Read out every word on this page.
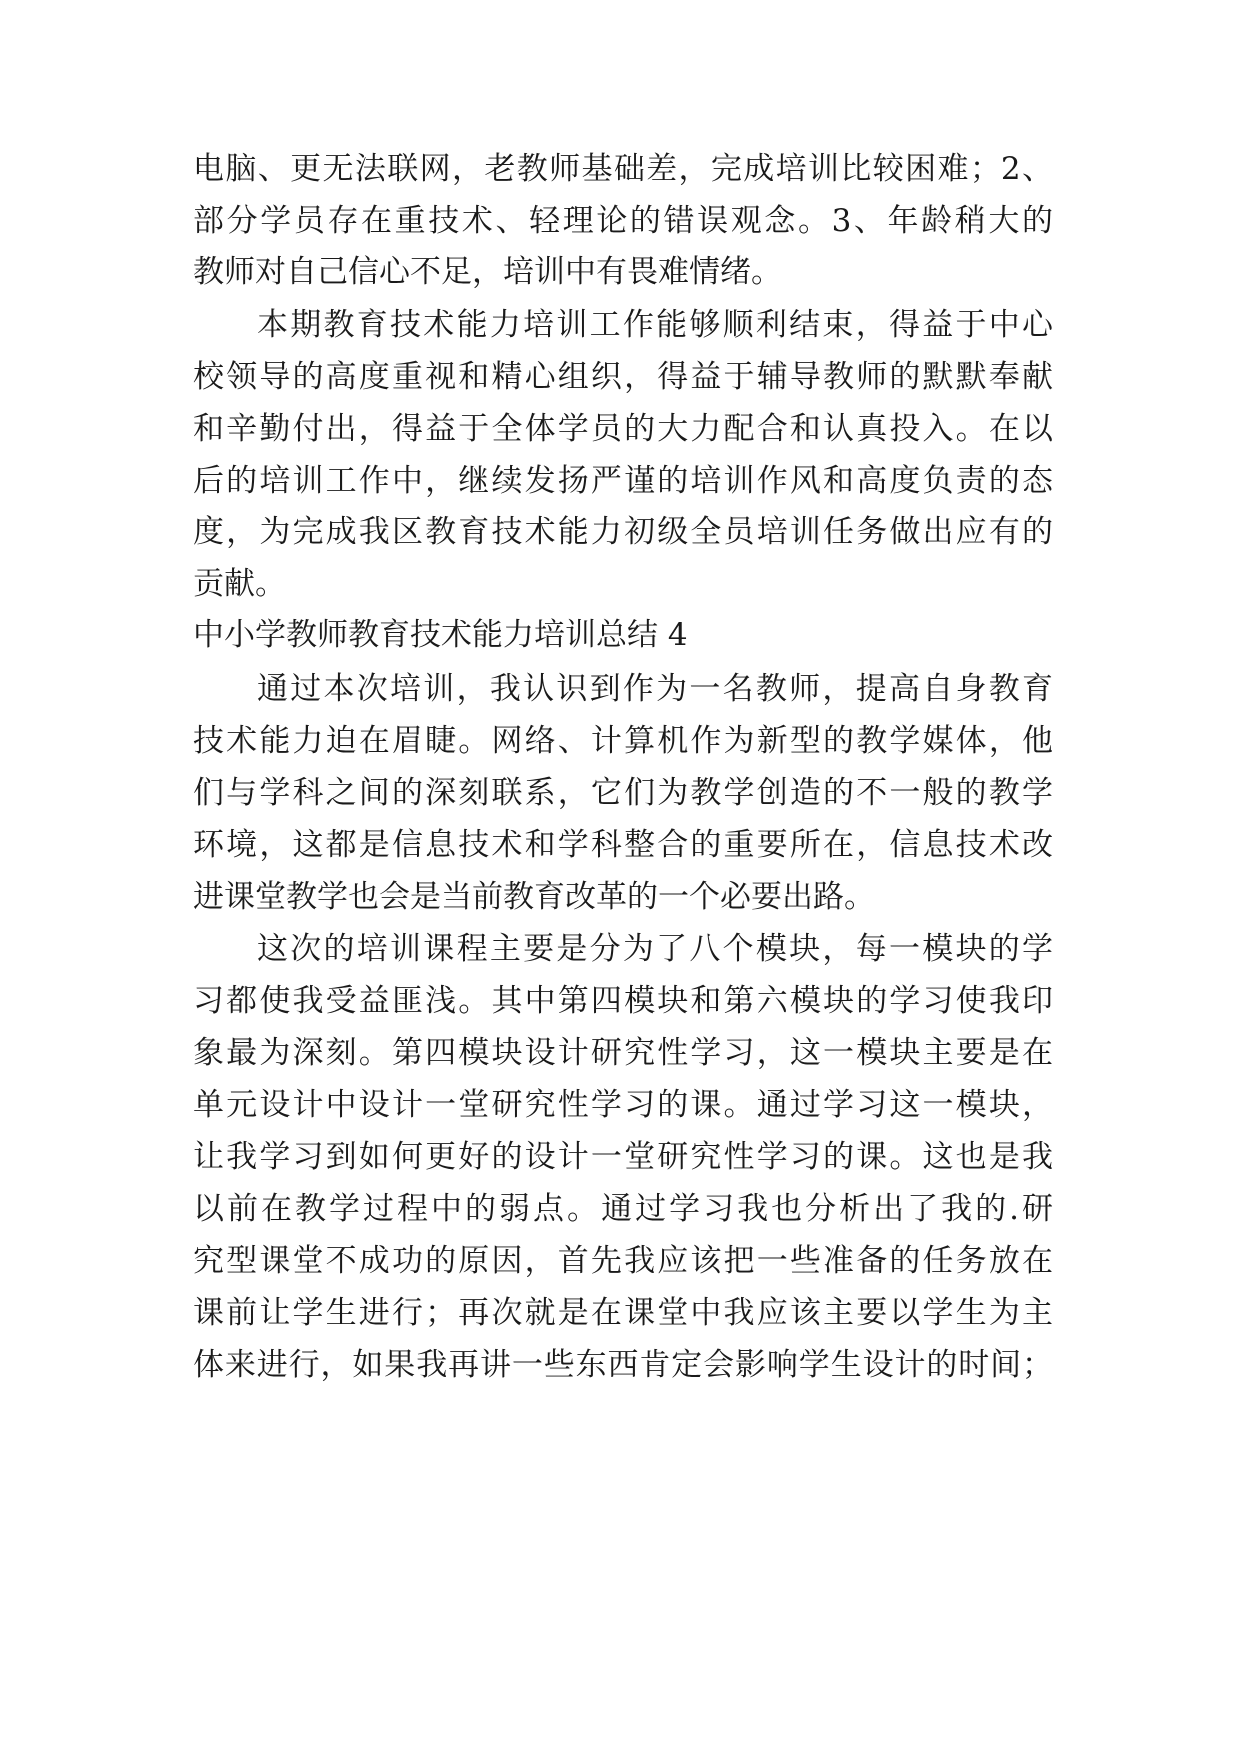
电脑、更无法联网，老教师基础差，完成培训比较困难；2、
部分学员存在重技术、轻理论的错误观念。3、年龄稍大的
教师对自己信心不足，培训中有畏难情绪。
本期教育技术能力培训工作能够顺利结束，得益于中心
校领导的高度重视和精心组织，得益于辅导教师的默默奉献
和辛勤付出，得益于全体学员的大力配合和认真投入。在以
后的培训工作中，继续发扬严谨的培训作风和高度负责的态
度，为完成我区教育技术能力初级全员培训任务做出应有的
贡献。
中小学教师教育技术能力培训总结 4
通过本次培训，我认识到作为一名教师，提高自身教育
技术能力迫在眉睫。网络、计算机作为新型的教学媒体，他
们与学科之间的深刻联系，它们为教学创造的不一般的教学
环境，这都是信息技术和学科整合的重要所在，信息技术改
进课堂教学也会是当前教育改革的一个必要出路。
这次的培训课程主要是分为了八个模块，每一模块的学
习都使我受益匪浅。其中第四模块和第六模块的学习使我印
象最为深刻。第四模块设计研究性学习，这一模块主要是在
单元设计中设计一堂研究性学习的课。通过学习这一模块，
让我学习到如何更好的设计一堂研究性学习的课。这也是我
以前在教学过程中的弱点。通过学习我也分析出了我的.研
究型课堂不成功的原因，首先我应该把一些准备的任务放在
课前让学生进行；再次就是在课堂中我应该主要以学生为主
体来进行，如果我再讲一些东西肯定会影响学生设计的时间；
